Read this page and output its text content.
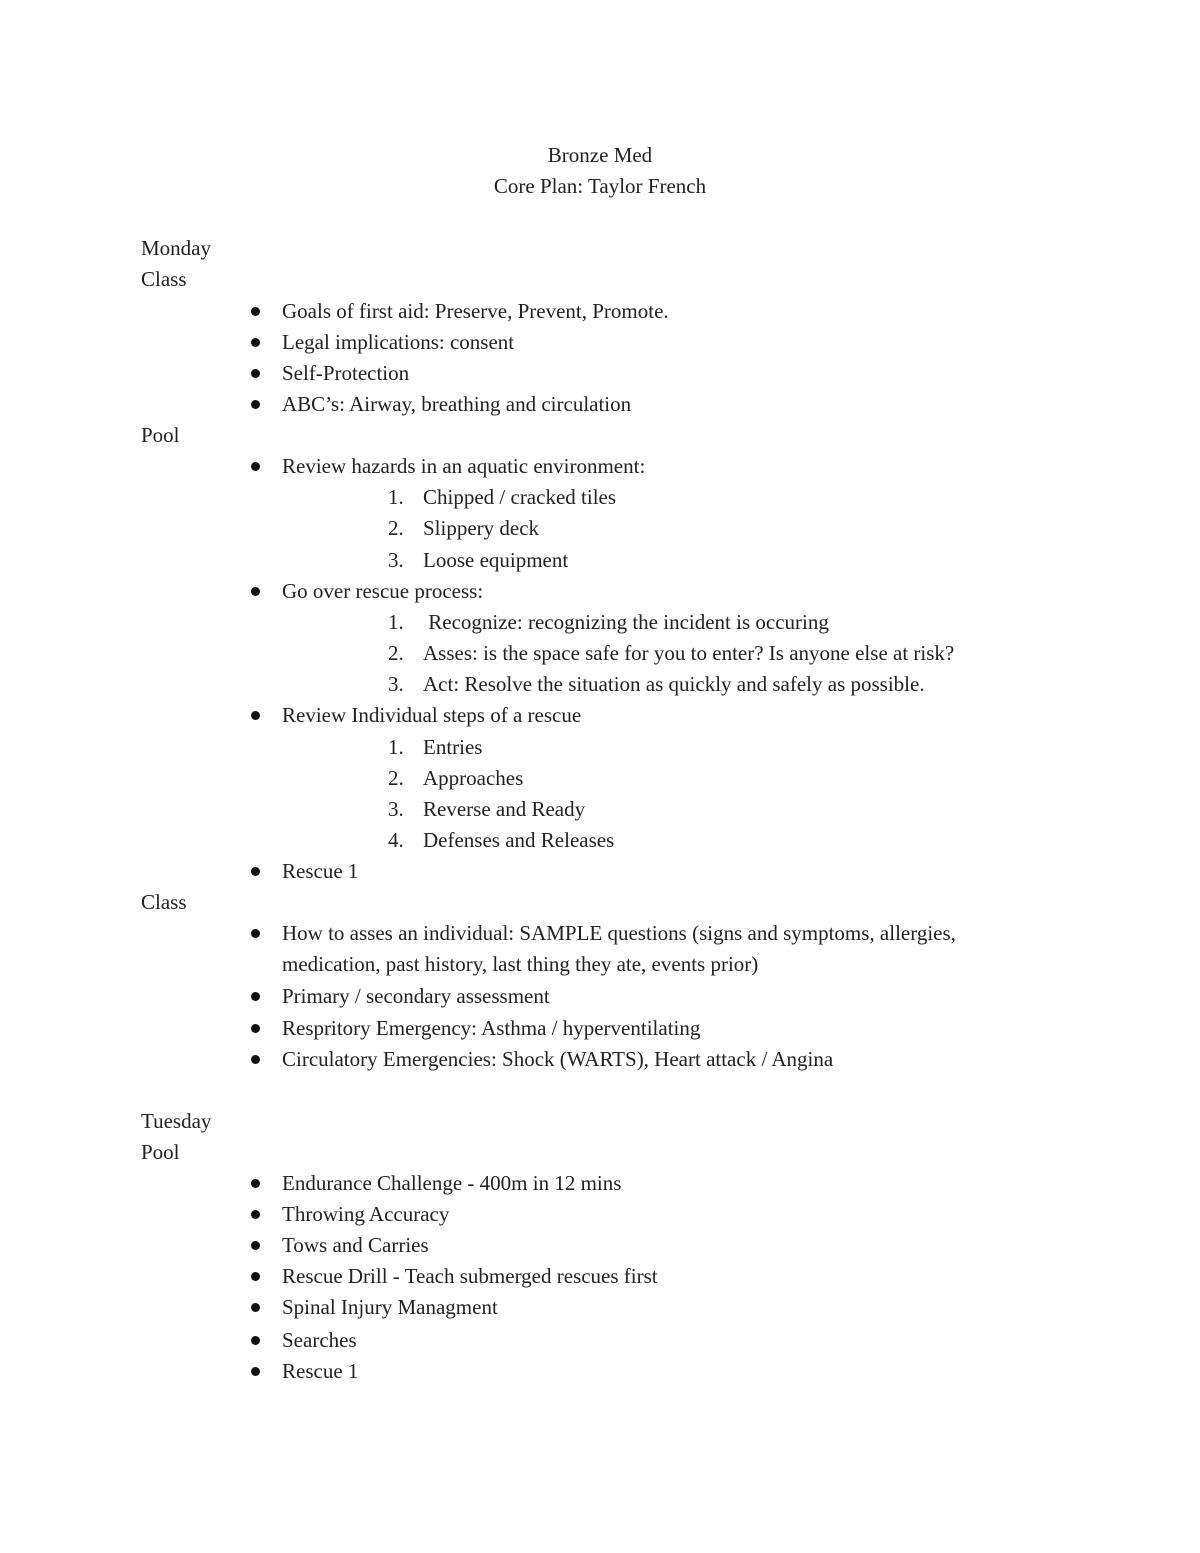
Bronze Med
Core Plan: Taylor French
Monday
Class
Goals of first aid: Preserve, Prevent, Promote.
Legal implications: consent
Self-Protection
ABC’s: Airway, breathing and circulation
Pool
Review hazards in an aquatic environment:
1. Chipped / cracked tiles
2. Slippery deck
3. Loose equipment
Go over rescue process:
1. Recognize: recognizing the incident is occuring
2. Asses: is the space safe for you to enter? Is anyone else at risk?
3. Act: Resolve the situation as quickly and safely as possible.
Review Individual steps of a rescue
1. Entries
2. Approaches
3. Reverse and Ready
4. Defenses and Releases
Rescue 1
Class
How to asses an individual: SAMPLE questions (signs and symptoms, allergies,
medication, past history, last thing they ate, events prior)
Primary / secondary assessment
Respritory Emergency: Asthma / hyperventilating
Circulatory Emergencies: Shock (WARTS), Heart attack / Angina
Tuesday
Pool
Endurance Challenge - 400m in 12 mins
Throwing Accuracy
Tows and Carries
Rescue Drill - Teach submerged rescues first
Spinal Injury Managment
Searches
Rescue 1
